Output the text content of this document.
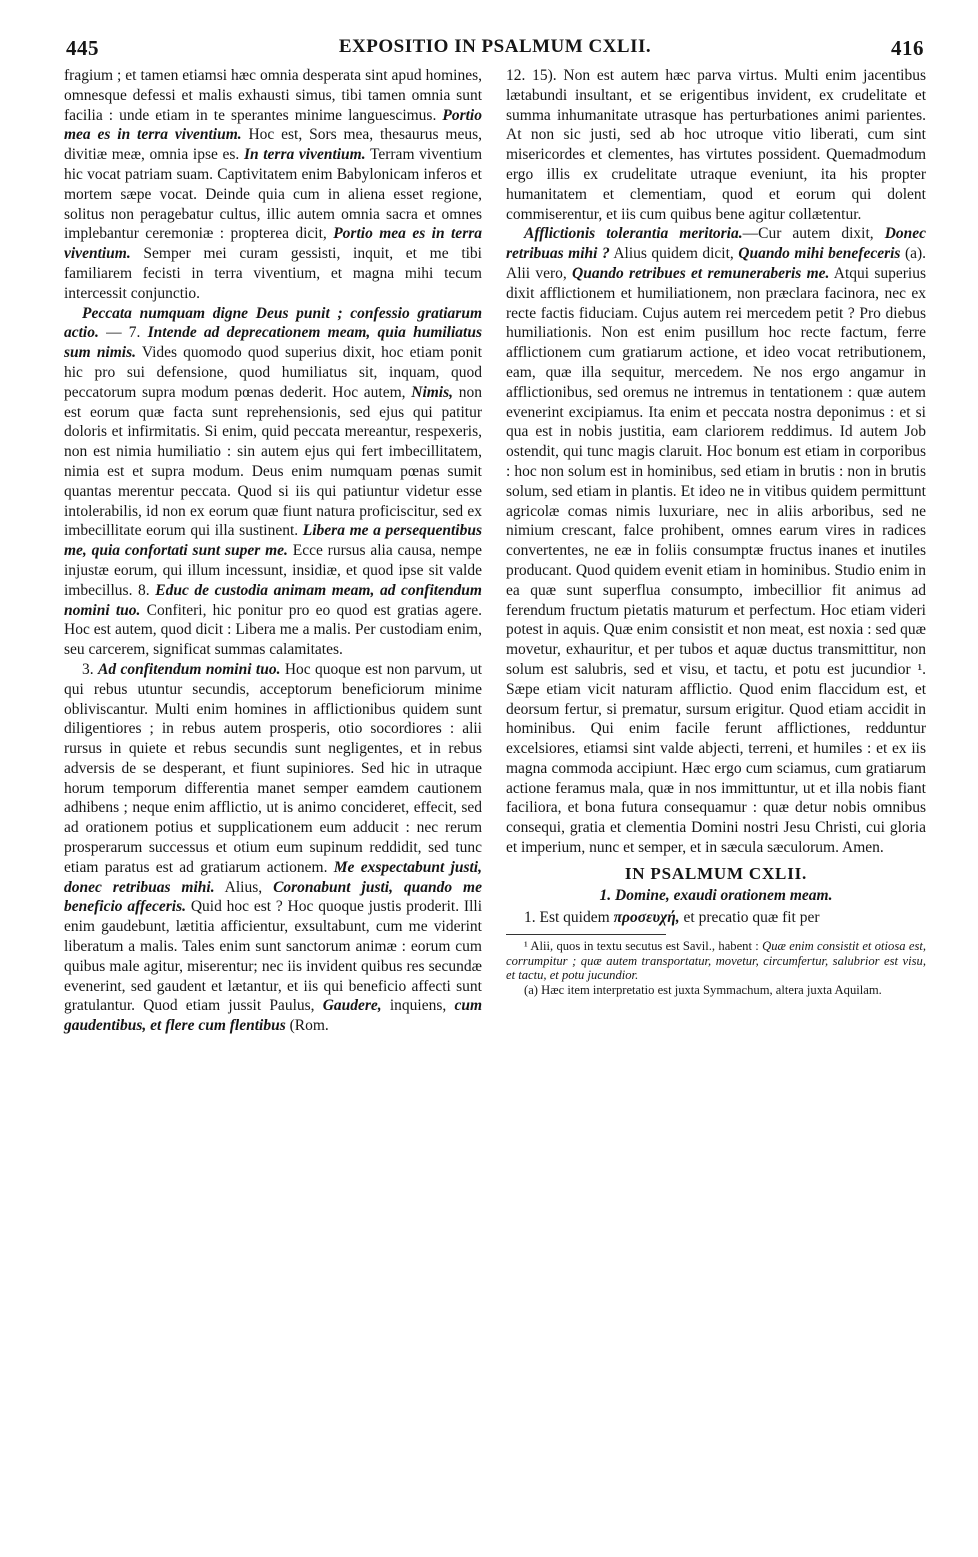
445	EXPOSITIO IN PSALMUM CXLII.	416

fragium ; et tamen etiamsi hæc omnia desperata sint apud homines, omnesque defessi et malis exhausti simus, tibi tamen omnia sunt facilia : unde etiam in te sperantes minime languescimus. Portio mea es in terra viventium. Hoc est, Sors mea, thesaurus meus, divitiæ meæ, omnia ipse es. In terra viventium. Terram viventium hic vocat patriam suam. Captivitatem enim Babylonicam inferos et mortem sæpe vocat. Deinde quia cum in aliena esset regione, solitus non peragebatur cultus, illic autem omnia sacra et omnes implebantur ceremoniæ : propterea dicit, Portio mea es in terra viventium. Semper mei curam gessisti, inquit, et me tibi familiarem fecisti in terra viventium, et magna mihi tecum intercessit conjunctio.

Peccata numquam digne Deus punit ; confessio gratiarum actio. — 7. Intende ad deprecationem meam, quia humiliatus sum nimis. Vides quomodo quod superius dixit, hoc etiam ponit hic pro sui defensione, quod humiliatus sit, inquam, quod peccatorum supra modum pœnas dederit. Hoc autem, Nimis, non est eorum quæ facta sunt reprehensionis, sed ejus qui patitur doloris et infirmitatis. Si enim, quid peccata mereantur, respexeris, non est nimia humiliatio : sin autem ejus qui fert imbecillitatem, nimia est et supra modum. Deus enim numquam pœnas sumit quantas merentur peccata. Quod si iis qui patiuntur videtur esse intolerabilis, id non ex eorum quæ fiunt natura proficiscitur, sed ex imbecillitate eorum qui illa sustinent. Libera me a persequentibus me, quia confortati sunt super me. Ecce rursus alia causa, nempe injustæ eorum, qui illum incessunt, insidiæ, et quod ipse sit valde imbecillus. 8. Educ de custodia animam meam, ad confitendum nomini tuo. Confiteri, hic ponitur pro eo quod est gratias agere. Hoc est autem, quod dicit : Libera me a malis. Per custodiam enim, seu carcerem, significat summas calamitates.

3. Ad confitendum nomini tuo. Hoc quoque est non parvum, ut qui rebus utuntur secundis, acceptorum beneficiorum minime obliviscantur. Multi enim homines in afflictionibus quidem sunt diligentiores ; in rebus autem prosperis, otio socordiores : alii rursus in quiete et rebus secundis sunt negligentes, et in rebus adversis de se desperant, et fiunt supiniores. Sed hic in utraque horum temporum differentia manet semper eamdem cautionem adhibens ; neque enim afflictio, ut is animo concideret, effecit, sed ad orationem potius et supplicationem eum adducit : nec rerum prosperarum successus et otium eum supinum reddidit, sed tunc etiam paratus est ad gratiarum actionem. Me exspectabunt justi, donec retribuas mihi. Alius, Coronabunt justi, quando me beneficio affeceris. Quid hoc est ? Hoc quoque justis proderit. Illi enim gaudebunt, lætitia afficientur, exsultabunt, cum me viderint liberatum a malis. Tales enim sunt sanctorum animæ : eorum cum quibus male agitur, miserentur; nec iis invident quibus res secundæ evenerint, sed gaudent et lætantur, et iis qui beneficio affecti sunt gratulantur. Quod etiam jussit Paulus, Gaudere, inquiens, cum gaudentibus, et flere cum flentibus (Rom.

12. 15). Non est autem hæc parva virtus. Multi enim jacentibus lætabundi insultant, et se erigentibus invident, ex crudelitate et summa inhumanitate utrasque has perturbationes animi parientes. At non sic justi, sed ab hoc utroque vitio liberati, cum sint misericordes et clementes, has virtutes possident. Quemadmodum ergo illis ex crudelitate utraque eveniunt, ita his propter humanitatem et clementiam, quod et eorum qui dolent commiserentur, et iis cum quibus bene agitur collætentur.

Afflictionis tolerantia meritoria.—Cur autem dixit, Donec retribuas mihi ? Alius quidem dicit, Quando mihi benefeceris (a). Alii vero, Quando retribues et remuneraberis me. Atqui superius dixit afflictionem et humiliationem, non præclara facinora, nec ex recte factis fiduciam. Cujus autem rei mercedem petit ? Pro diebus humiliationis. Non est enim pusillum hoc recte factum, ferre afflictionem cum gratiarum actione, et ideo vocat retributionem, eam, quæ illa sequitur, mercedem. Ne nos ergo angamur in afflictionibus, sed oremus ne intremus in tentationem : quæ autem evenerint excipiamus. Ita enim et peccata nostra deponimus : et si qua est in nobis justitia, eam clariorem reddimus. Id autem Job ostendit, qui tunc magis claruit. Hoc bonum est etiam in corporibus : hoc non solum est in hominibus, sed etiam in brutis : non in brutis solum, sed etiam in plantis. Et ideo ne in vitibus quidem permittunt agricolæ comas nimis luxuriare, nec in aliis arboribus, sed ne nimium crescant, falce prohibent, omnes earum vires in radices convertentes, ne eæ in foliis consumptæ fructus inanes et inutiles producant. Quod quidem evenit etiam in hominibus. Studio enim in ea quæ sunt superflua consumpto, imbecillior fit animus ad ferendum fructum pietatis maturum et perfectum. Hoc etiam videri potest in aquis. Quæ enim consistit et non meat, est noxia : sed quæ movetur, exhauritur, et per tubos et aquæ ductus transmittitur, non solum est salubris, sed et visu, et tactu, et potu est jucundior ¹. Sæpe etiam vicit naturam afflictio. Quod enim flaccidum est, et deorsum fertur, si prematur, sursum erigitur. Quod etiam accidit in hominibus. Qui enim facile ferunt afflictiones, redduntur excelsiores, etiamsi sint valde abjecti, terreni, et humiles : et ex iis magna commoda accipiunt. Hæc ergo cum sciamus, cum gratiarum actione feramus mala, quæ in nos immittuntur, ut et illa nobis fiant faciliora, et bona futura consequamur : quæ detur nobis omnibus consequi, gratia et clementia Domini nostri Jesu Christi, cui gloria et imperium, nunc et semper, et in sæcula sæculorum. Amen.

IN PSALMUM CXLII.

1. Domine, exaudi orationem meam.

1. Est quidem προσευχή, et precatio quæ fit per

¹ Alii, quos in textu secutus est Savil., habent : Quæ enim consistit et otiosa est, corrumpitur ; quæ autem transportatur, movetur, circumfertur, salubrior est visu, et tactu, et potu jucundior.

(a) Hæc item interpretatio est juxta Symmachum, altera juxta Aquilam.
